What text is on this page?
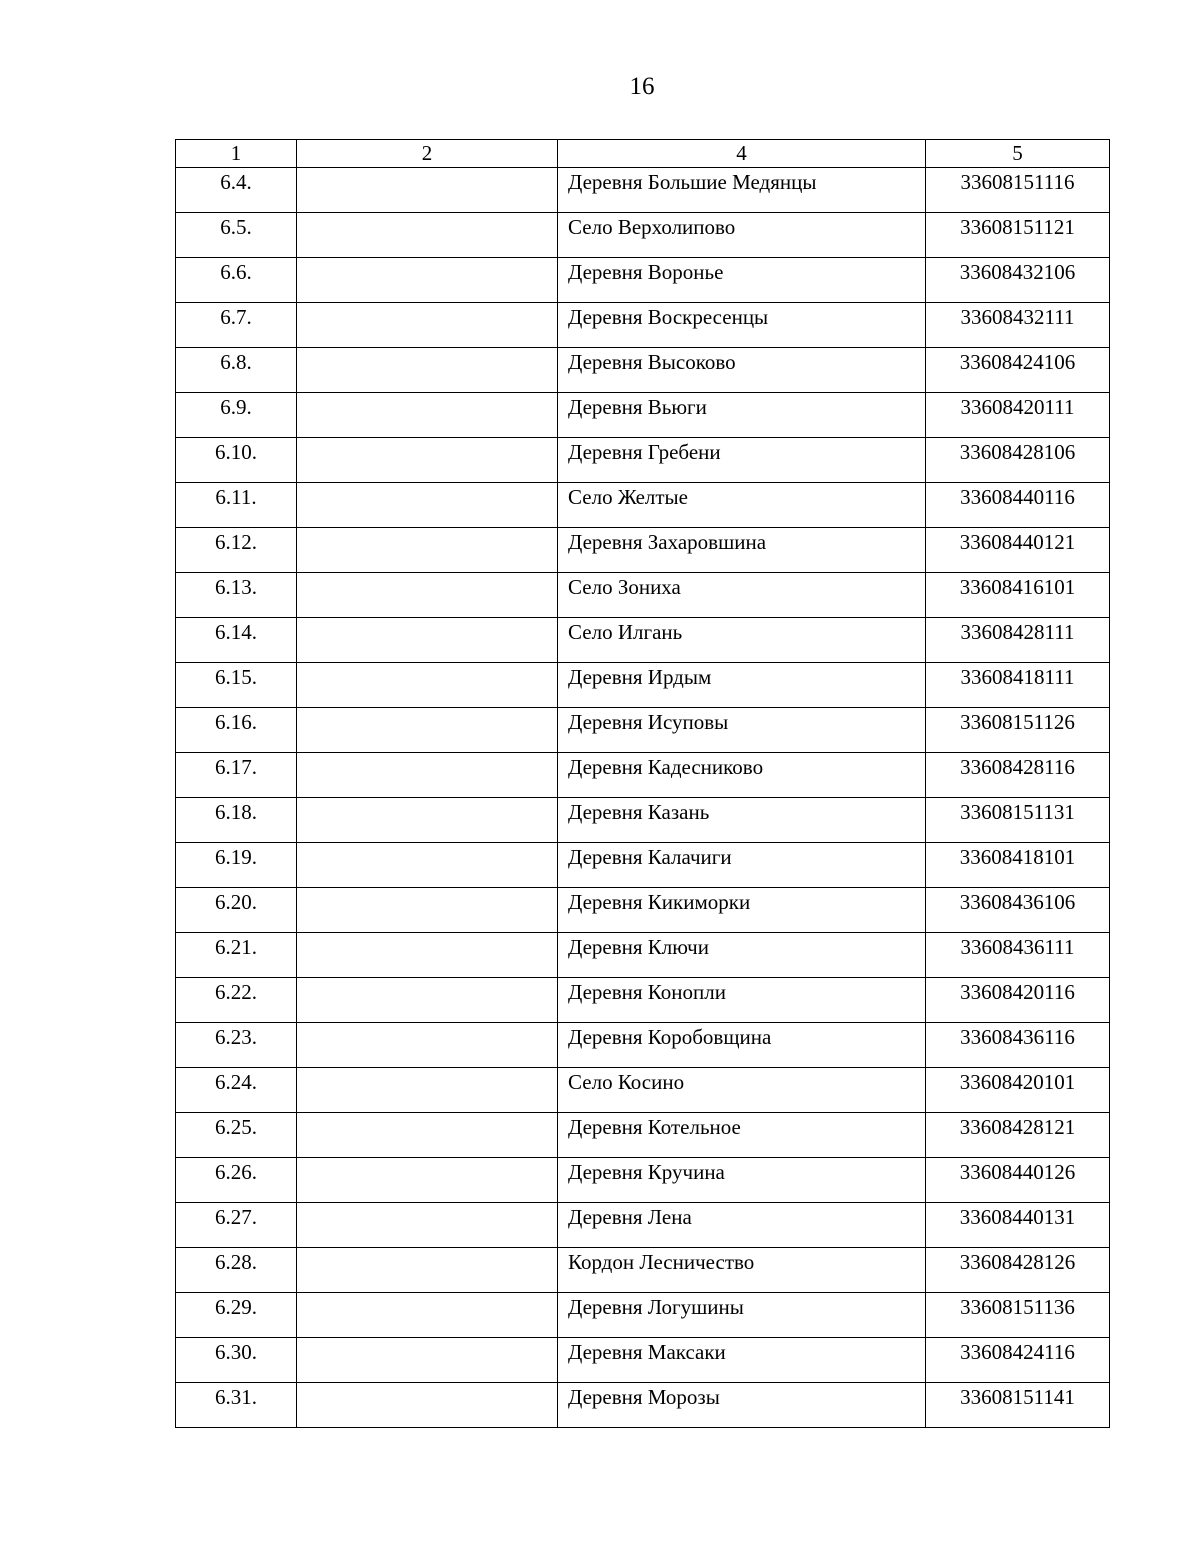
16
1	2	4	5
6.4.		Деревня Большие Медянцы	33608151116
6.5.		Село Верхолипово	33608151121
6.6.		Деревня Воронье	33608432106
6.7.		Деревня Воскресенцы	33608432111
6.8.		Деревня Высоково	33608424106
6.9.		Деревня Вьюги	33608420111
6.10.		Деревня Гребени	33608428106
6.11.		Село Желтые	33608440116
6.12.		Деревня Захаровшина	33608440121
6.13.		Село Зониха	33608416101
6.14.		Село Илгань	33608428111
6.15.		Деревня Ирдым	33608418111
6.16.		Деревня Исуповы	33608151126
6.17.		Деревня Кадесниково	33608428116
6.18.		Деревня Казань	33608151131
6.19.		Деревня Калачиги	33608418101
6.20.		Деревня Кикиморки	33608436106
6.21.		Деревня Ключи	33608436111
6.22.		Деревня Конопли	33608420116
6.23.		Деревня Коробовщина	33608436116
6.24.		Село Косино	33608420101
6.25.		Деревня Котельное	33608428121
6.26.		Деревня Кручина	33608440126
6.27.		Деревня Лена	33608440131
6.28.		Кордон Лесничество	33608428126
6.29.		Деревня Логушины	33608151136
6.30.		Деревня Максаки	33608424116
6.31.		Деревня Морозы	33608151141
